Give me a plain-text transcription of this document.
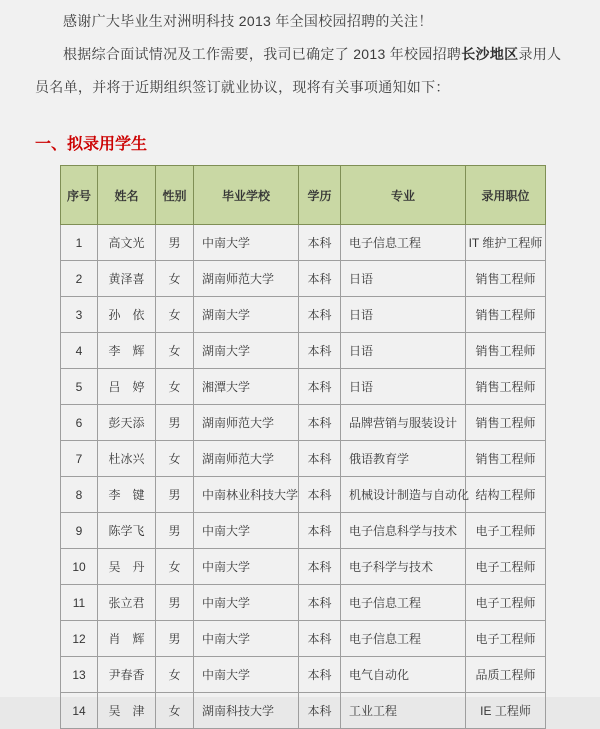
感谢广大毕业生对洲明科技 2013 年全国校园招聘的关注！

根据综合面试情况及工作需要，我司已确定了 2013 年校园招聘长沙地区录用人员名单，并将于近期组织签订就业协议，现将有关事项通知如下：

一、拟录用学生
序号	姓名	性别	毕业学校	学历	专业	录用职位
1	高文光	男	中南大学	本科	电子信息工程	IT 维护工程师
2	黄泽喜	女	湖南师范大学	本科	日语	销售工程师
3	孙　依	女	湖南大学	本科	日语	销售工程师
4	李　辉	女	湖南大学	本科	日语	销售工程师
5	吕　婷	女	湘潭大学	本科	日语	销售工程师
6	彭天添	男	湖南师范大学	本科	品牌营销与服装设计	销售工程师
7	杜冰兴	女	湖南师范大学	本科	俄语教育学	销售工程师
8	李　键	男	中南林业科技大学	本科	机械设计制造与自动化	结构工程师
9	陈学飞	男	中南大学	本科	电子信息科学与技术	电子工程师
10	吴　丹	女	中南大学	本科	电子科学与技术	电子工程师
11	张立君	男	中南大学	本科	电子信息工程	电子工程师
12	肖　辉	男	中南大学	本科	电子信息工程	电子工程师
13	尹春香	女	中南大学	本科	电气自动化	品质工程师
14	吴　津	女	湖南科技大学	本科	工业工程	IE 工程师
